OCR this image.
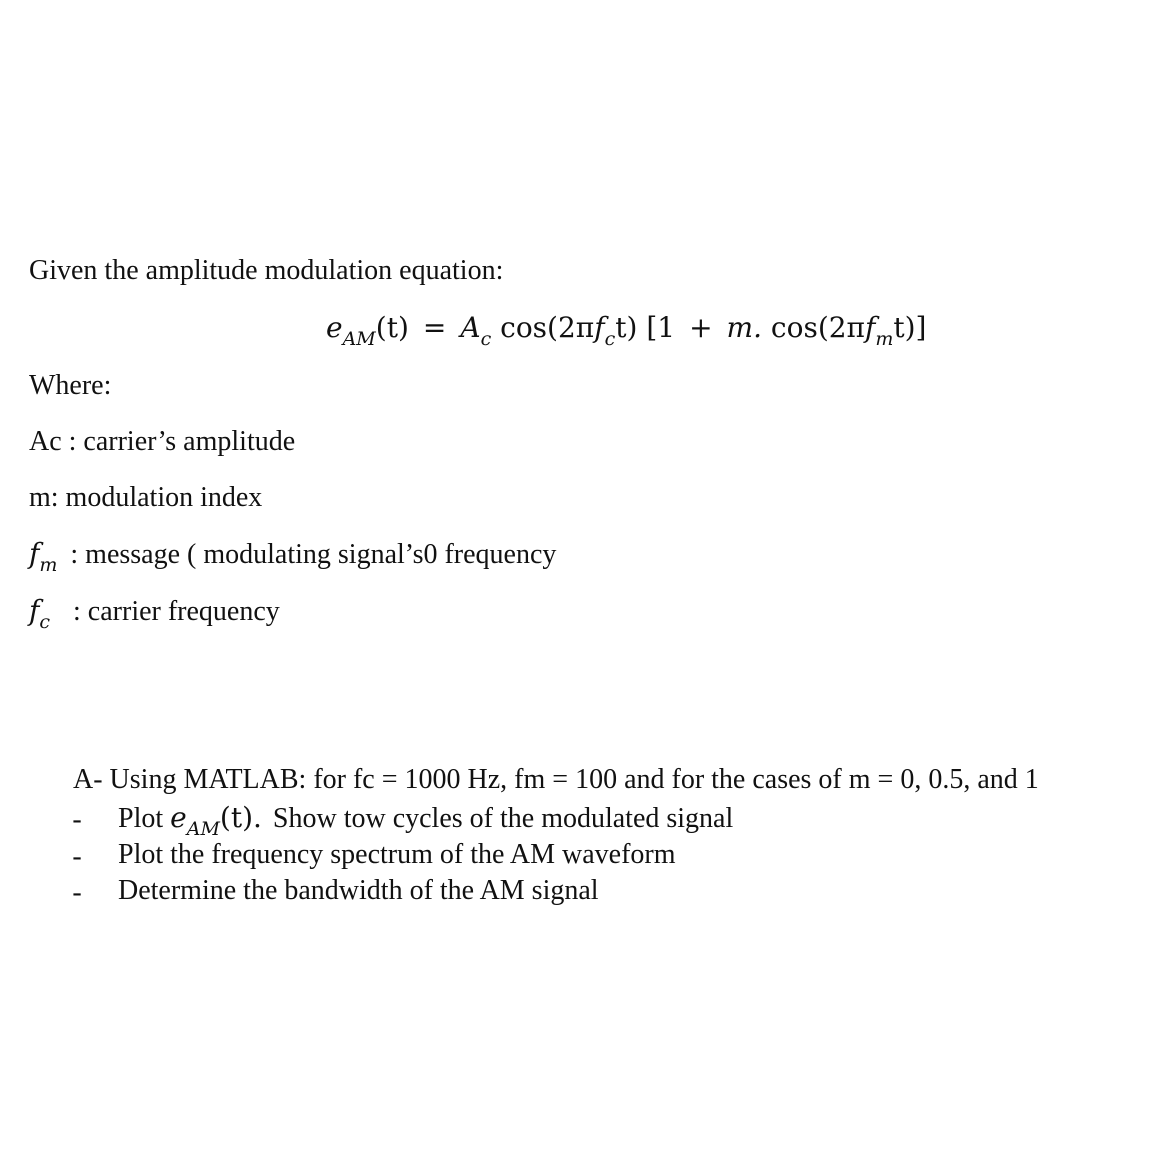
Given the amplitude modulation equation:
$e_{AM}(t) = A_c$ $\cos(2\pi f_ct) [1 + m$. $\cos(2\pi f_mt)$]
Where:
Ac : carrier’s amplitude
m: modulation index
$f_m$ : message ( modulating signal’s0 frequency
$f_c$ : carrier frequency
A- Using MATLAB: for fc = 1000 Hz, fm = 100 and for the cases of m = 0, 0.5, and 1
-	Plot $e_{AM}(t)$. Show tow cycles of the modulated signal
-	Plot the frequency spectrum of the AM waveform
-	Determine the bandwidth of the AM signal
